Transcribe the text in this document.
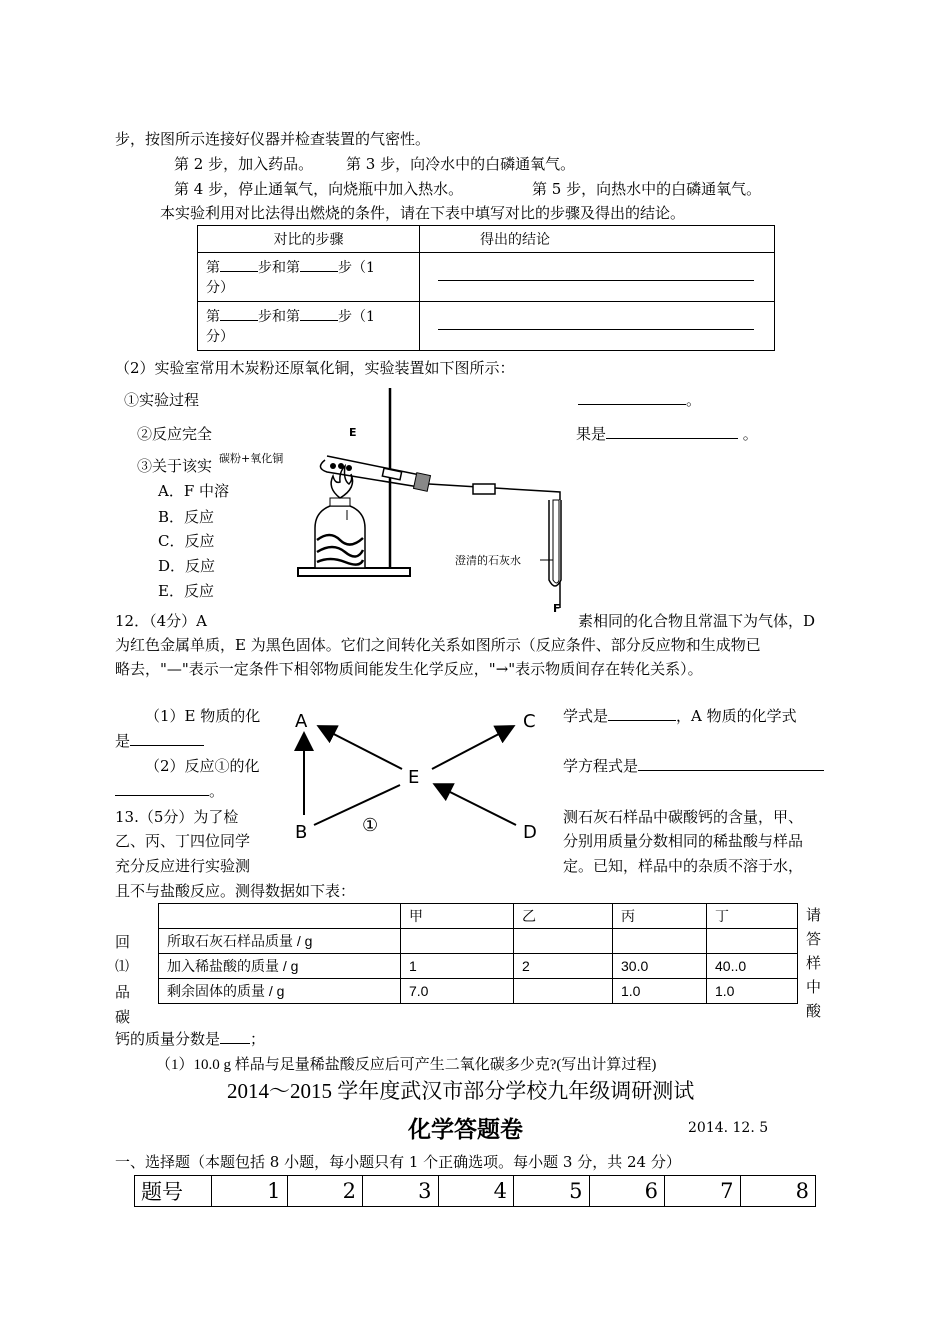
步，按图所示连接好仪器并检查装置的气密性。
第 2 步，加入药品。 第 3 步，向冷水中的白磷通氧气。
第 4 步，停止通氧气，向烧瓶中加入热水。	第 5 步，向热水中的白磷通氧气。
本实验利用对比法得出燃烧的条件，请在下表中填写对比的步骤及得出的结论。
对比的步骤	得出的结论

第 步和第 步（1
分）	

第 步和第 步（1
分）	

（2）实验室常用木炭粉还原氧化铜，实验装置如下图所示：
①实验过程	。
②反应完全	果是	。
③关于该实
A．F 中溶
B．反应
C．反应
D．反应
E．反应
E
F
碳粉+氧化铜
澄清的石灰水
12．（4分）A	素相同的化合物且常温下为气体，D
为红色金属单质，E 为黑色固体。它们之间转化关系如图所示（反应条件、部分反应物和生成物已
略去，"—"表示一定条件下相邻物质间能发生化学反应，"→"表示物质间存在转化关系）。
（1）E 物质的化	学式是	，A 物质的化学式
是
（2）反应①的化	学方程式是
。
A
B
C
D
E
①
13.（5分）为了检	测石灰石样品中碳酸钙的含量，甲、
乙、丙、丁四位同学	分别用质量分数相同的稀盐酸与样品
充分反应进行实验测	定。已知，样品中的杂质不溶于水，
且不与盐酸反应。测得数据如下表：
回
⑴
品
碳
请
答
样
中
酸
	甲	乙	丙	丁
所取石灰石样品质量 / g				
加入稀盐酸的质量 / g	1	2	30.0	40..0
剩余固体的质量 / g	7.0		1.0	1.0
钙的质量分数是 ；
（1）10.0 g 样品与足量稀盐酸反应后可产生二氧化碳多少克?(写出计算过程)
2014～2015 学年度武汉市部分学校九年级调研测试
化学答题卷	2014. 12. 5
一、选择题（本题包括 8 小题，每小题只有 1 个正确选项。每小题 3 分，共 24 分）
题号	1	2	3	4	5	6	7	8
